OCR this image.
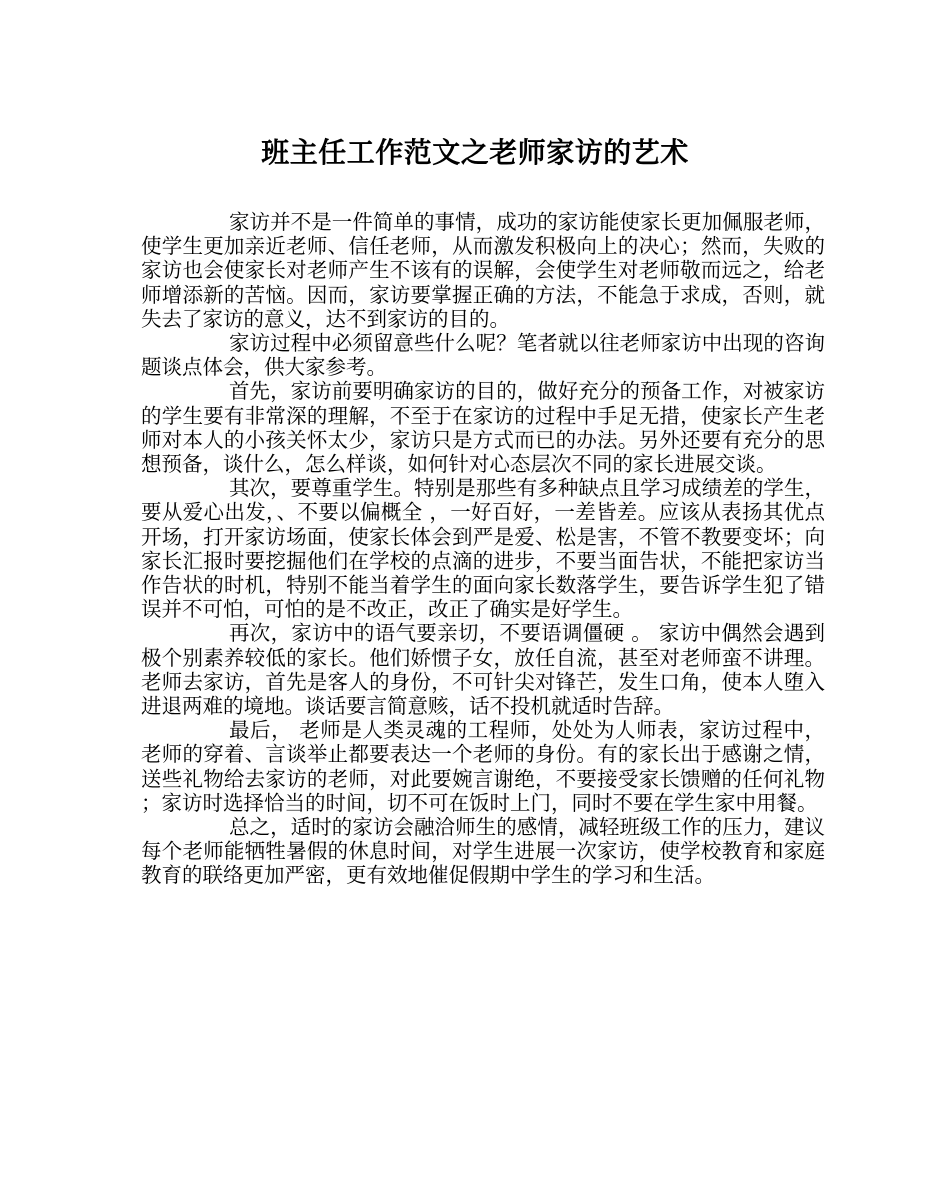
班主任工作范文之老师家访的艺术

家访并不是一件简单的事情，成功的家访能使家长更加佩服老师，使学生更加亲近老师、信任老师，从而激发积极向上的决心；然而，失败的家访也会使家长对老师产生不该有的误解，会使学生对老师敬而远之，给老师增添新的苦恼。因而，家访要掌握正确的方法，不能急于求成，否则，就失去了家访的意义，达不到家访的目的。

家访过程中必须留意些什么呢？笔者就以往老师家访中出现的咨询题谈点体会，供大家参考。

首先，家访前要明确家访的目的，做好充分的预备工作，对被家访的学生要有非常深的理解，不至于在家访的过程中手足无措，使家长产生老师对本人的小孩关怀太少，家访只是方式而已的办法。另外还要有充分的思想预备，谈什么，怎么样谈，如何针对心态层次不同的家长进展交谈。

其次，要尊重学生。特别是那些有多种缺点且学习成绩差的学生，要从爱心出发，、不要以偏概全 ，一好百好，一差皆差。应该从表扬其优点开场，打开家访场面，使家长体会到严是爱、松是害，不管不教要变坏；向家长汇报时要挖掘他们在学校的点滴的进步，不要当面告状，不能把家访当作告状的时机，特别不能当着学生的面向家长数落学生，要告诉学生犯了错误并不可怕，可怕的是不改正，改正了确实是好学生。

再次，家访中的语气要亲切，不要语调僵硬 。 家访中偶然会遇到极个别素养较低的家长。他们娇惯子女，放任自流，甚至对老师蛮不讲理。老师去家访，首先是客人的身份，不可针尖对锋芒，发生口角，使本人堕入进退两难的境地。谈话要言简意赅，话不投机就适时告辞。

最后， 老师是人类灵魂的工程师，处处为人师表，家访过程中，老师的穿着、言谈举止都要表达一个老师的身份。有的家长出于感谢之情，送些礼物给去家访的老师，对此要婉言谢绝，不要接受家长馈赠的任何礼物 ；家访时选择恰当的时间，切不可在饭时上门，同时不要在学生家中用餐。

总之，适时的家访会融洽师生的感情，减轻班级工作的压力，建议每个老师能牺牲暑假的休息时间，对学生进展一次家访，使学校教育和家庭教育的联络更加严密，更有效地催促假期中学生的学习和生活。
